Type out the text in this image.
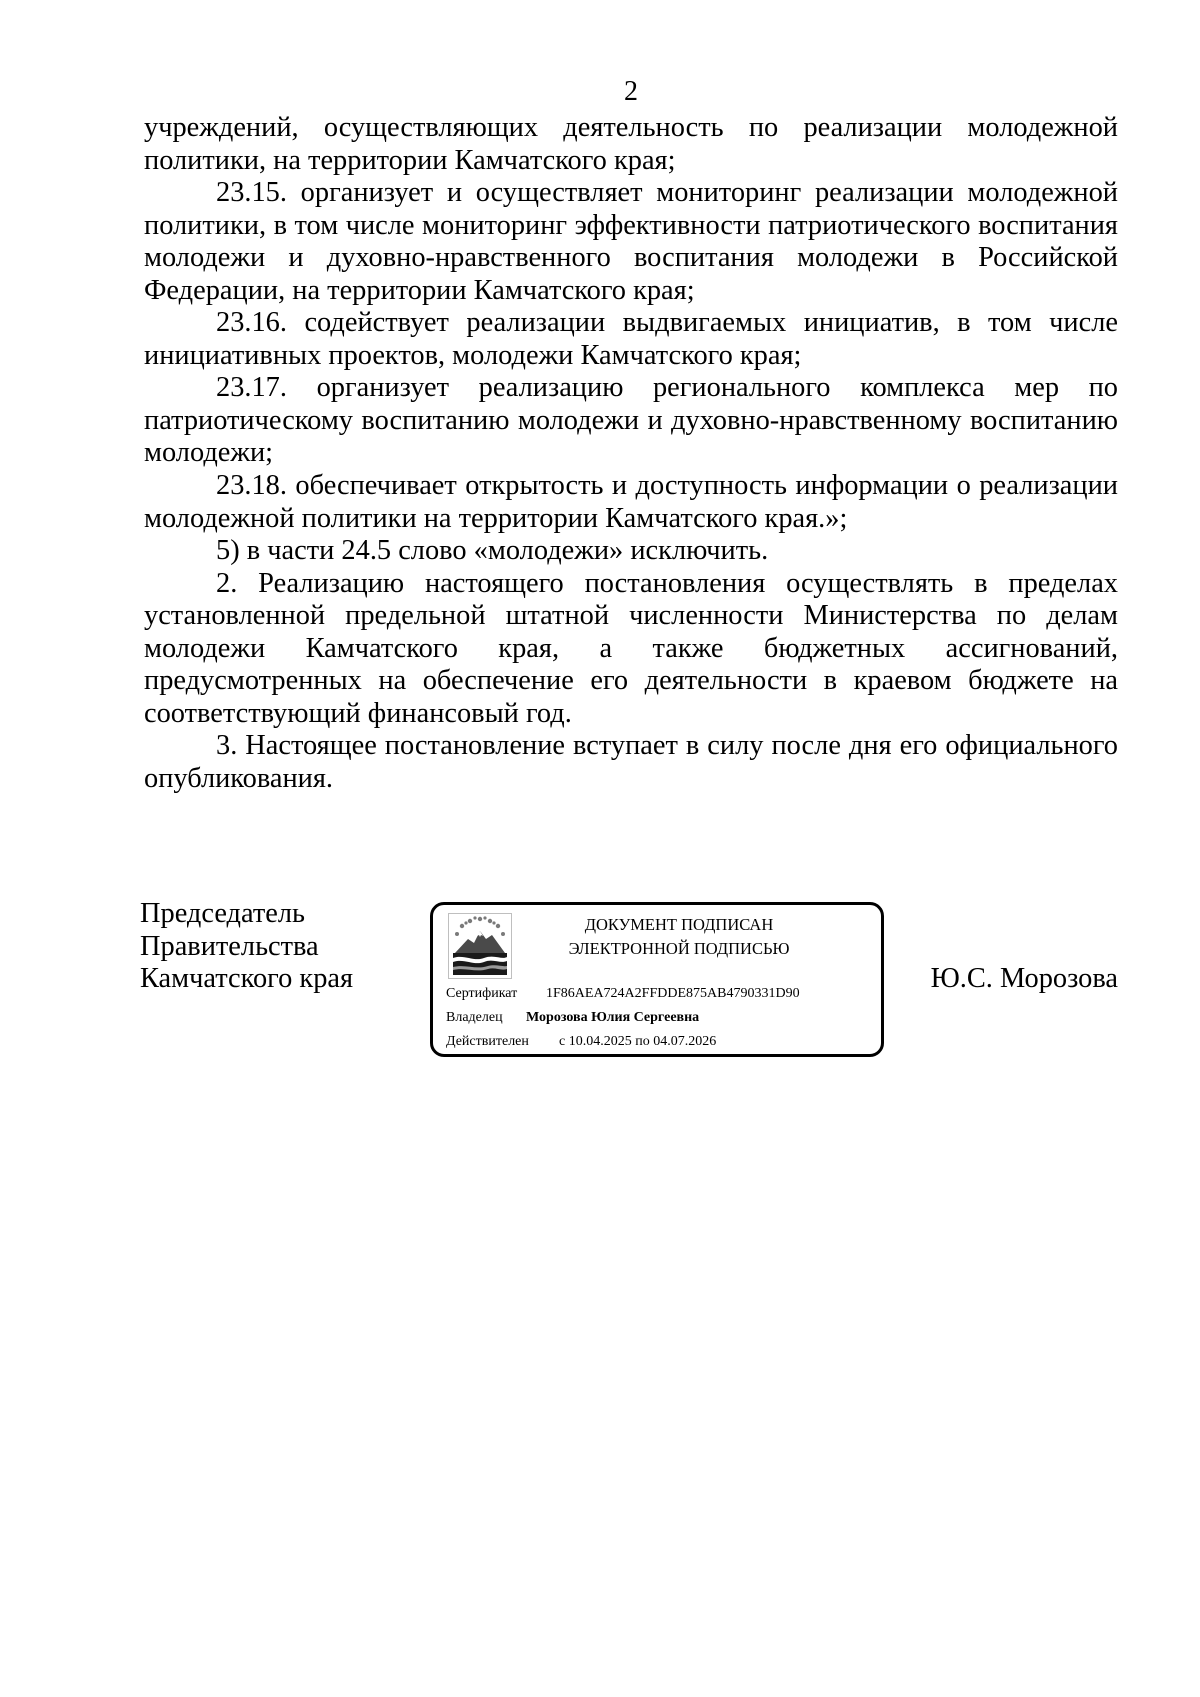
2

учреждений, осуществляющих деятельность по реализации молодежной политики, на территории Камчатского края;

23.15. организует и осуществляет мониторинг реализации молодежной политики, в том числе мониторинг эффективности патриотического воспитания молодежи и духовно-нравственного воспитания молодежи в Российской Федерации, на территории Камчатского края;

23.16. содействует реализации выдвигаемых инициатив, в том числе инициативных проектов, молодежи Камчатского края;

23.17. организует реализацию регионального комплекса мер по патриотическому воспитанию молодежи и духовно-нравственному воспитанию молодежи;

23.18. обеспечивает открытость и доступность информации о реализации молодежной политики на территории Камчатского края.»;

5) в части 24.5 слово «молодежи» исключить.

2. Реализацию настоящего постановления осуществлять в пределах установленной предельной штатной численности Министерства по делам молодежи Камчатского края, а также бюджетных ассигнований, предусмотренных на обеспечение его деятельности в краевом бюджете на соответствующий финансовый год.

3. Настоящее постановление вступает в силу после дня его официального опубликования.

Председатель
Правительства
Камчатского края
ДОКУМЕНТ ПОДПИСАН
ЭЛЕКТРОННОЙ ПОДПИСЬЮ
Сертификат 1F86AEA724A2FFDDE875AB4790331D90
Владелец Морозова Юлия Сергеевна
Действителен с 10.04.2025 по 04.07.2026
Ю.С. Морозова
